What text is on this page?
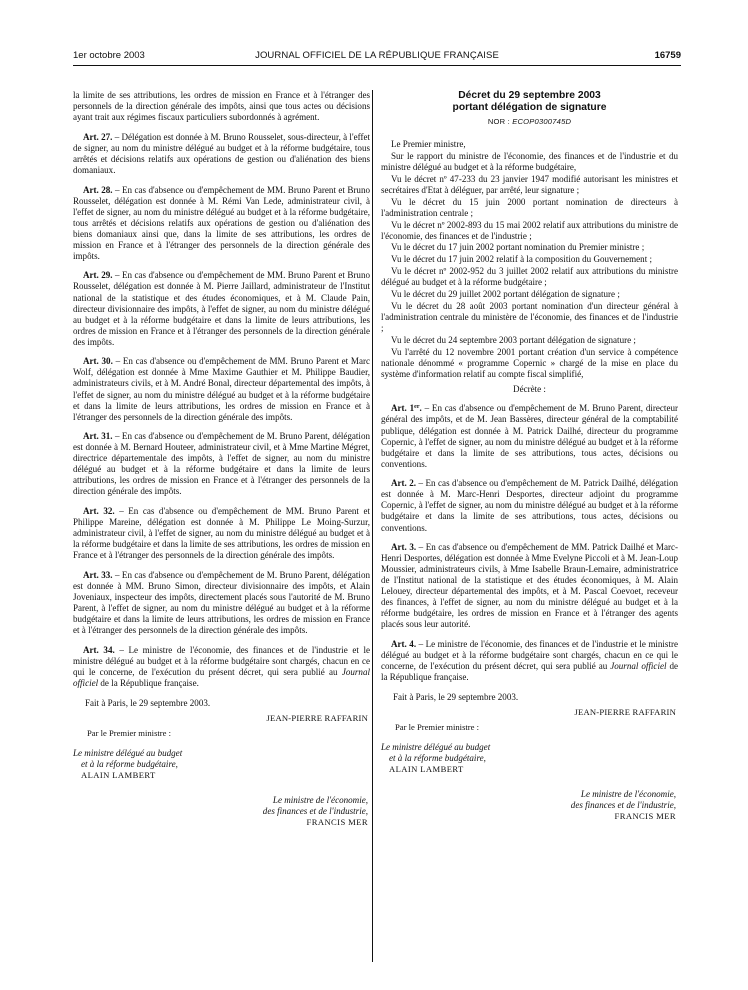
1er octobre 2003	JOURNAL OFFICIEL DE LA RÉPUBLIQUE FRANÇAISE	16759

la limite de ses attributions, les ordres de mission en France et à l'étranger des personnels de la direction générale des impôts, ainsi que tous actes ou décisions ayant trait aux régimes fiscaux particuliers subordonnés à agrément.

Art. 27. – Délégation est donnée à M. Bruno Rousselet, sous-directeur, à l'effet de signer, au nom du ministre délégué au budget et à la réforme budgétaire, tous arrêtés et décisions relatifs aux opérations de gestion ou d'aliénation des biens domaniaux.

Art. 28. – En cas d'absence ou d'empêchement de MM. Bruno Parent et Bruno Rousselet, délégation est donnée à M. Rémi Van Lede, administrateur civil, à l'effet de signer, au nom du ministre délégué au budget et à la réforme budgétaire, tous arrêtés et décisions relatifs aux opérations de gestion ou d'aliénation des biens domaniaux ainsi que, dans la limite de ses attributions, les ordres de mission en France et à l'étranger des personnels de la direction générale des impôts.

Art. 29. – En cas d'absence ou d'empêchement de MM. Bruno Parent et Bruno Rousselet, délégation est donnée à M. Pierre Jaillard, administrateur de l'Institut national de la statistique et des études économiques, et à M. Claude Pain, directeur divisionnaire des impôts, à l'effet de signer, au nom du ministre délégué au budget et à la réforme budgétaire et dans la limite de leurs attributions, les ordres de mission en France et à l'étranger des personnels de la direction générale des impôts.

Art. 30. – En cas d'absence ou d'empêchement de MM. Bruno Parent et Marc Wolf, délégation est donnée à Mme Maxime Gauthier et M. Philippe Baudier, administrateurs civils, et à M. André Bonal, directeur départemental des impôts, à l'effet de signer, au nom du ministre délégué au budget et à la réforme budgétaire et dans la limite de leurs attributions, les ordres de mission en France et à l'étranger des personnels de la direction générale des impôts.

Art. 31. – En cas d'absence ou d'empêchement de M. Bruno Parent, délégation est donnée à M. Bernard Houteer, administrateur civil, et à Mme Martine Mégret, directrice départementale des impôts, à l'effet de signer, au nom du ministre délégué au budget et à la réforme budgétaire et dans la limite de leurs attributions, les ordres de mission en France et à l'étranger des personnels de la direction générale des impôts.

Art. 32. – En cas d'absence ou d'empêchement de MM. Bruno Parent et Philippe Mareine, délégation est donnée à M. Philippe Le Moing-Surzur, administrateur civil, à l'effet de signer, au nom du ministre délégué au budget et à la réforme budgétaire et dans la limite de ses attributions, les ordres de mission en France et à l'étranger des personnels de la direction générale des impôts.

Art. 33. – En cas d'absence ou d'empêchement de M. Bruno Parent, délégation est donnée à MM. Bruno Simon, directeur divisionnaire des impôts, et Alain Joveniaux, inspecteur des impôts, directement placés sous l'autorité de M. Bruno Parent, à l'effet de signer, au nom du ministre délégué au budget et à la réforme budgétaire et dans la limite de leurs attributions, les ordres de mission en France et à l'étranger des personnels de la direction générale des impôts.

Art. 34. – Le ministre de l'économie, des finances et de l'industrie et le ministre délégué au budget et à la réforme budgétaire sont chargés, chacun en ce qui le concerne, de l'exécution du présent décret, qui sera publié au Journal officiel de la République française.

Fait à Paris, le 29 septembre 2003.
JEAN-PIERRE RAFFARIN
Par le Premier ministre :
Le ministre délégué au budget
et à la réforme budgétaire,
ALAIN LAMBERT
Le ministre de l'économie,
des finances et de l'industrie,
FRANCIS MER
Décret du 29 septembre 2003
portant délégation de signature
NOR : ECOP0300745D

Le Premier ministre,

Sur le rapport du ministre de l'économie, des finances et de l'industrie et du ministre délégué au budget et à la réforme budgétaire,

Vu le décret nº 47-233 du 23 janvier 1947 modifié autorisant les ministres et secrétaires d'Etat à déléguer, par arrêté, leur signature ;

Vu le décret du 15 juin 2000 portant nomination de directeurs à l'administration centrale ;

Vu le décret nº 2002-893 du 15 mai 2002 relatif aux attributions du ministre de l'économie, des finances et de l'industrie ;

Vu le décret du 17 juin 2002 portant nomination du Premier ministre ;

Vu le décret du 17 juin 2002 relatif à la composition du Gouvernement ;

Vu le décret nº 2002-952 du 3 juillet 2002 relatif aux attributions du ministre délégué au budget et à la réforme budgétaire ;

Vu le décret du 29 juillet 2002 portant délégation de signature ;

Vu le décret du 28 août 2003 portant nomination d'un directeur général à l'administration centrale du ministère de l'économie, des finances et de l'industrie ;

Vu le décret du 24 septembre 2003 portant délégation de signature ;

Vu l'arrêté du 12 novembre 2001 portant création d'un service à compétence nationale dénommé « programme Copernic » chargé de la mise en place du système d'information relatif au compte fiscal simplifié,

Décrète :

Art. 1er. – En cas d'absence ou d'empêchement de M. Bruno Parent, directeur général des impôts, et de M. Jean Bassères, directeur général de la comptabilité publique, délégation est donnée à M. Patrick Dailhé, directeur du programme Copernic, à l'effet de signer, au nom du ministre délégué au budget et à la réforme budgétaire et dans la limite de ses attributions, tous actes, décisions ou conventions.

Art. 2. – En cas d'absence ou d'empêchement de M. Patrick Dailhé, délégation est donnée à M. Marc-Henri Desportes, directeur adjoint du programme Copernic, à l'effet de signer, au nom du ministre délégué au budget et à la réforme budgétaire et dans la limite de ses attributions, tous actes, décisions ou conventions.

Art. 3. – En cas d'absence ou d'empêchement de MM. Patrick Dailhé et Marc-Henri Desportes, délégation est donnée à Mme Evelyne Piccoli et à M. Jean-Loup Moussier, administrateurs civils, à Mme Isabelle Braun-Lemaire, administratrice de l'Institut national de la statistique et des études économiques, à M. Alain Lelouey, directeur départemental des impôts, et à M. Pascal Coevoet, receveur des finances, à l'effet de signer, au nom du ministre délégué au budget et à la réforme budgétaire, les ordres de mission en France et à l'étranger des agents placés sous leur autorité.

Art. 4. – Le ministre de l'économie, des finances et de l'industrie et le ministre délégué au budget et à la réforme budgétaire sont chargés, chacun en ce qui le concerne, de l'exécution du présent décret, qui sera publié au Journal officiel de la République française.

Fait à Paris, le 29 septembre 2003.
JEAN-PIERRE RAFFARIN
Par le Premier ministre :
Le ministre délégué au budget
et à la réforme budgétaire,
ALAIN LAMBERT
Le ministre de l'économie,
des finances et de l'industrie,
FRANCIS MER
